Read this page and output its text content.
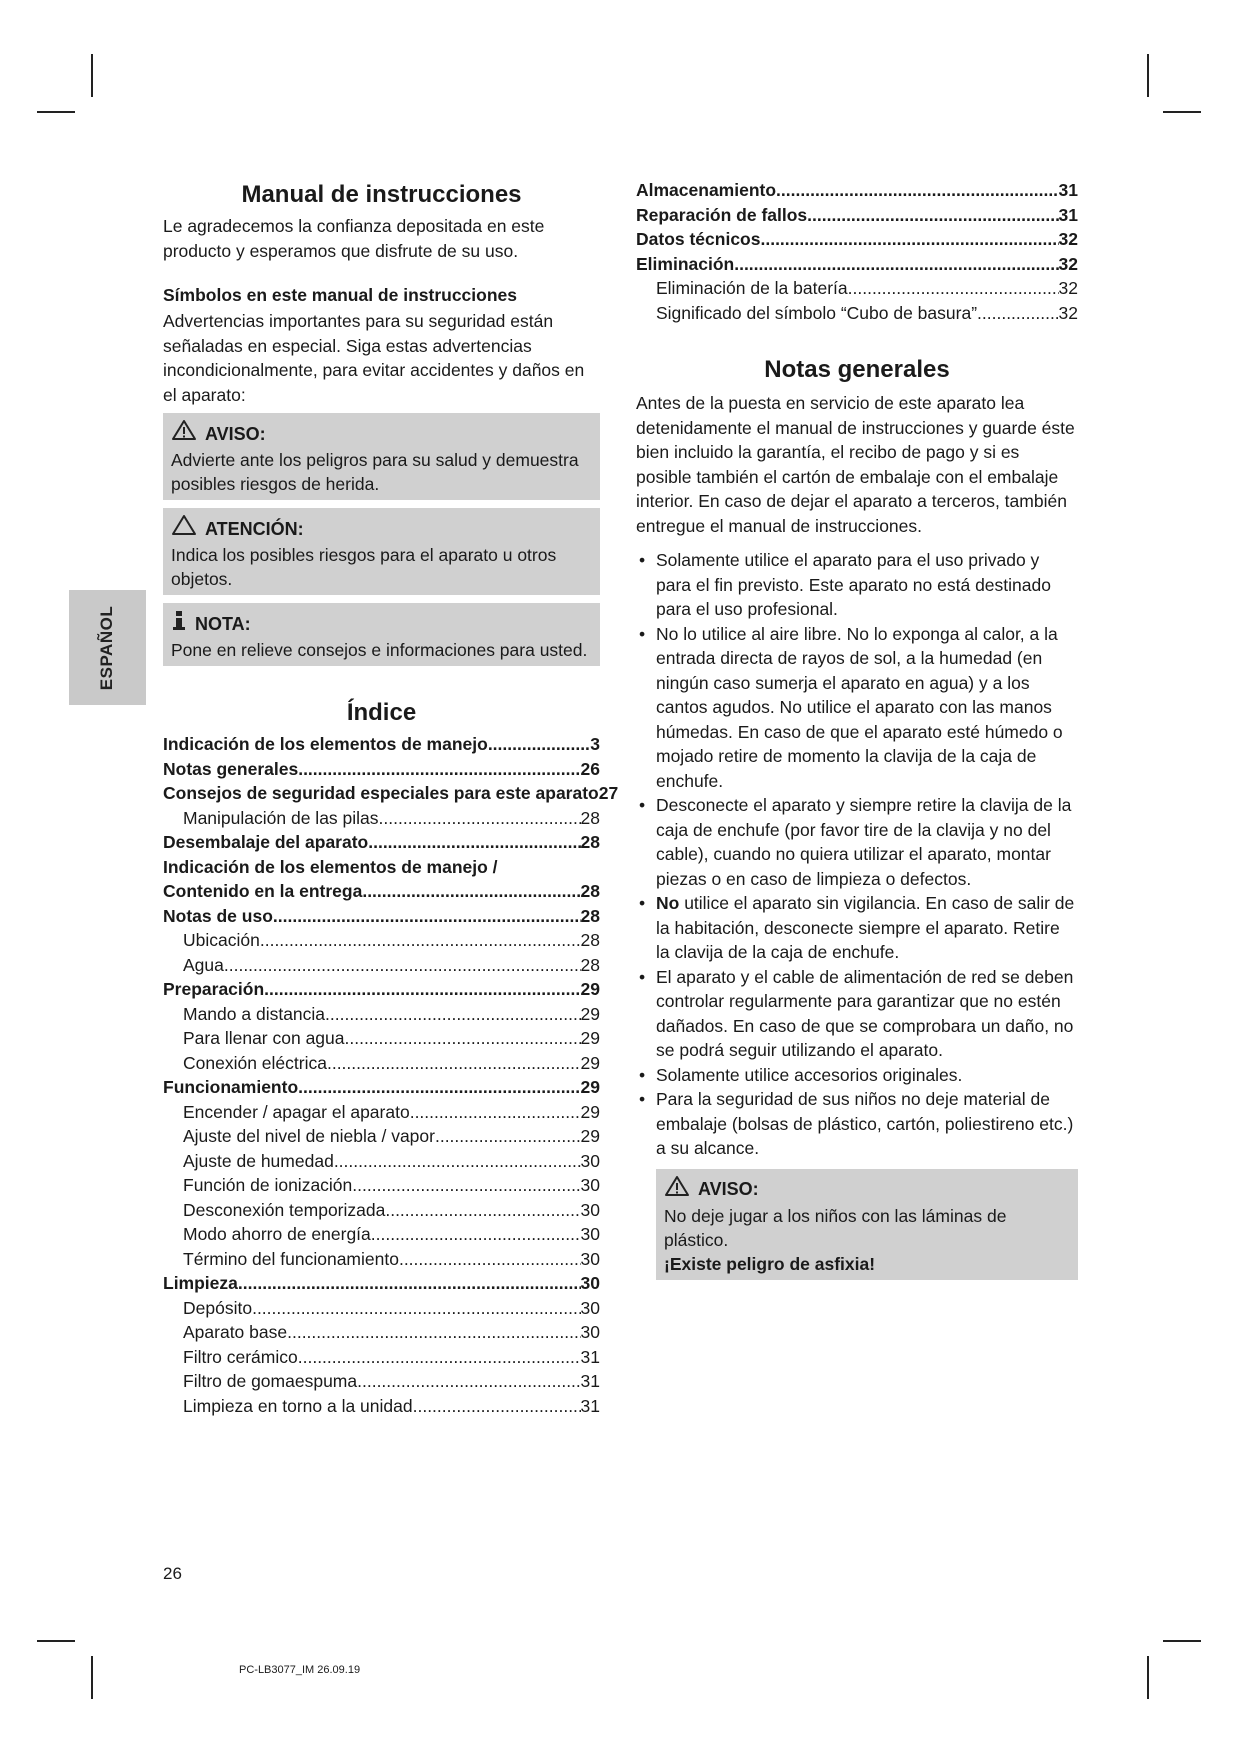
ESPAÑOL
Manual de instrucciones

Le agradecemos la confianza depositada en este producto y esperamos que disfrute de su uso.

Símbolos en este manual de instrucciones

Advertencias importantes para su seguridad están señaladas en especial. Siga estas advertencias incondicionalmente, para evitar accidentes y daños en el aparato:

AVISO:
Advierte ante los peligros para su salud y demuestra posibles riesgos de herida.
ATENCIÓN:
Indica los posibles riesgos para el aparato u otros objetos.
NOTA:
Pone en relieve consejos e informaciones para usted.
Índice
Indicación de los elementos de manejo .....	3
Notas generales .....	26
Consejos de seguridad especiales para este aparato 27
Manipulación de las pilas .....	28
Desembalaje del aparato .....	28
Indicación de los elementos de manejo /
Contenido en la entrega .....	28
Notas de uso .....	28
Ubicación .....	28
Agua .....	28
Preparación .....	29
Mando a distancia .....	29
Para llenar con agua .....	29
Conexión eléctrica .....	29
Funcionamiento .....	29
Encender / apagar el aparato .....	29
Ajuste del nivel de niebla / vapor .....	29
Ajuste de humedad .....	30
Función de ionización .....	30
Desconexión temporizada .....	30
Modo ahorro de energía .....	30
Término del funcionamiento .....	30
Limpieza .....	30
Depósito .....	30
Aparato base .....	30
Filtro cerámico .....	31
Filtro de gomaespuma .....	31
Limpieza en torno a la unidad .....	31
Almacenamiento .....	31
Reparación de fallos .....	31
Datos técnicos .....	32
Eliminación .....	32
Eliminación de la batería .....	32
Significado del símbolo “Cubo de basura” .....	32
Notas generales

Antes de la puesta en servicio de este aparato lea detenidamente el manual de instrucciones y guarde éste bien incluido la garantía, el recibo de pago y si es posible también el cartón de embalaje con el embalaje interior. En caso de dejar el aparato a terceros, también entregue el manual de instrucciones.

• Solamente utilice el aparato para el uso privado y para el fin previsto. Este aparato no está destinado para el uso profesional.
• No lo utilice al aire libre. No lo exponga al calor, a la entrada directa de rayos de sol, a la humedad (en ningún caso sumerja el aparato en agua) y a los cantos agudos. No utilice el aparato con las manos húmedas. En caso de que el aparato esté húmedo o mojado retire de momento la clavija de la caja de enchufe.
• Desconecte el aparato y siempre retire la clavija de la caja de enchufe (por favor tire de la clavija y no del cable), cuando no quiera utilizar el aparato, montar piezas o en caso de limpieza o defectos.
• No utilice el aparato sin vigilancia. En caso de salir de la habitación, desconecte siempre el aparato. Retire la clavija de la caja de enchufe.
• El aparato y el cable de alimentación de red se deben controlar regularmente para garantizar que no estén dañados. En caso de que se comprobara un daño, no se podrá seguir utilizando el aparato.
• Solamente utilice accesorios originales.
• Para la seguridad de sus niños no deje material de embalaje (bolsas de plástico, cartón, poliestireno etc.) a su alcance.
AVISO:
No deje jugar a los niños con las láminas de plástico.
¡Existe peligro de asfixia!
26
PC-LB3077_IM 26.09.19
